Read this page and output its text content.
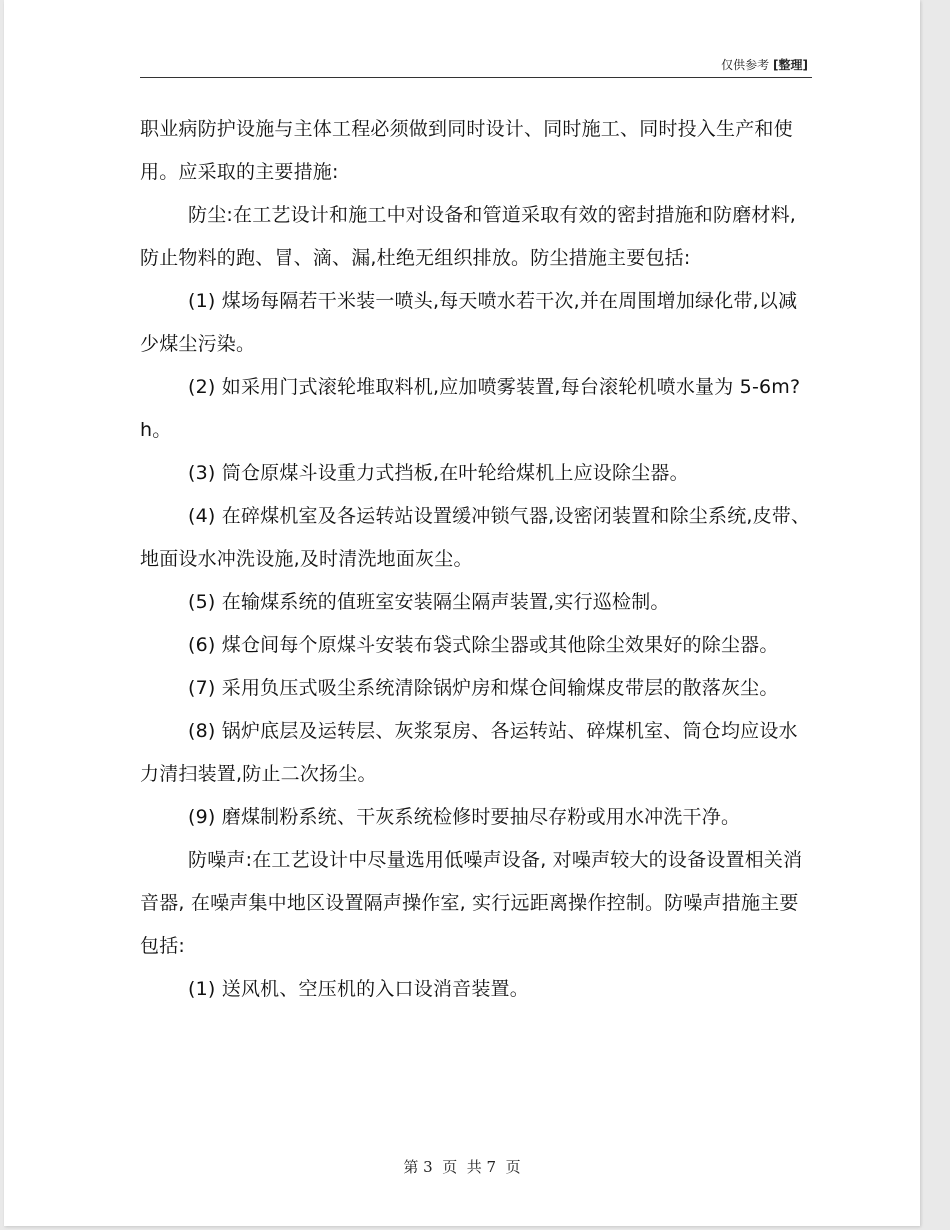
仅供参考 [整理]

职业病防护设施与主体工程必须做到同时设计、同时施工、同时投入生产和使用。应采取的主要措施:

防尘:在工艺设计和施工中对设备和管道采取有效的密封措施和防磨材料,防止物料的跑、冒、滴、漏,杜绝无组织排放。防尘措施主要包括:

(1) 煤场每隔若干米装一喷头,每天喷水若干次,并在周围增加绿化带,以减少煤尘污染。

(2) 如采用门式滚轮堆取料机,应加喷雾装置,每台滚轮机喷水量为 5-6m?h。

(3) 筒仓原煤斗设重力式挡板,在叶轮给煤机上应设除尘器。

(4) 在碎煤机室及各运转站设置缓冲锁气器,设密闭装置和除尘系统,皮带、地面设水冲洗设施,及时清洗地面灰尘。

(5) 在输煤系统的值班室安装隔尘隔声装置,实行巡检制。

(6) 煤仓间每个原煤斗安装布袋式除尘器或其他除尘效果好的除尘器。

(7) 采用负压式吸尘系统清除锅炉房和煤仓间输煤皮带层的散落灰尘。

(8) 锅炉底层及运转层、灰浆泵房、各运转站、碎煤机室、筒仓均应设水力清扫装置,防止二次扬尘。

(9) 磨煤制粉系统、干灰系统检修时要抽尽存粉或用水冲洗干净。

防噪声:在工艺设计中尽量选用低噪声设备, 对噪声较大的设备设置相关消音器, 在噪声集中地区设置隔声操作室, 实行远距离操作控制。防噪声措施主要包括:

(1) 送风机、空压机的入口设消音装置。

第 3  页  共 7  页
